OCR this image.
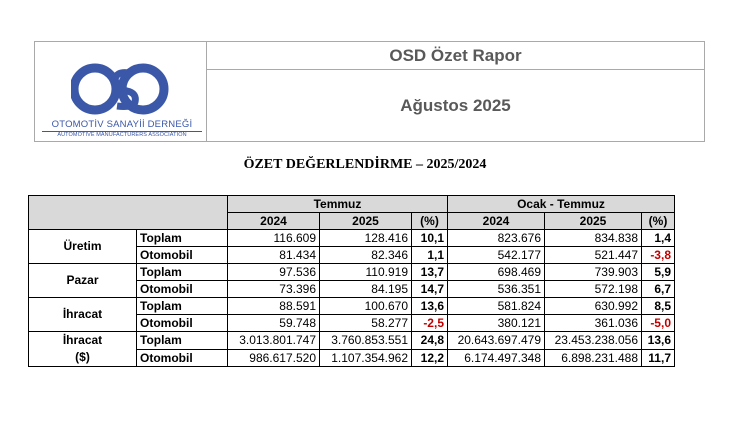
OTOMOTİV SANAYİİ DERNEĞİ
AUTOMOTIVE MANUFACTURERS ASSOCIATION
OSD Özet Rapor
Ağustos 2025
ÖZET DEĞERLENDİRME – 2025/2024
		Temmuz			Ocak - Temmuz		
		2024	2025	(%)	2024	2025	(%)
Üretim	Toplam	116.609	128.416	10,1	823.676	834.838	1,4
	Otomobil	81.434	82.346	1,1	542.177	521.447	-3,8
Pazar	Toplam	97.536	110.919	13,7	698.469	739.903	5,9
	Otomobil	73.396	84.195	14,7	536.351	572.198	6,7
İhracat	Toplam	88.591	100.670	13,6	581.824	630.992	8,5
	Otomobil	59.748	58.277	-2,5	380.121	361.036	-5,0

İhracat
($)	Toplam	3.013.801.747	3.760.853.551	24,8	20.643.697.479	23.453.238.056	13,6
	Otomobil	986.617.520	1.107.354.962	12,2	6.174.497.348	6.898.231.488	11,7
